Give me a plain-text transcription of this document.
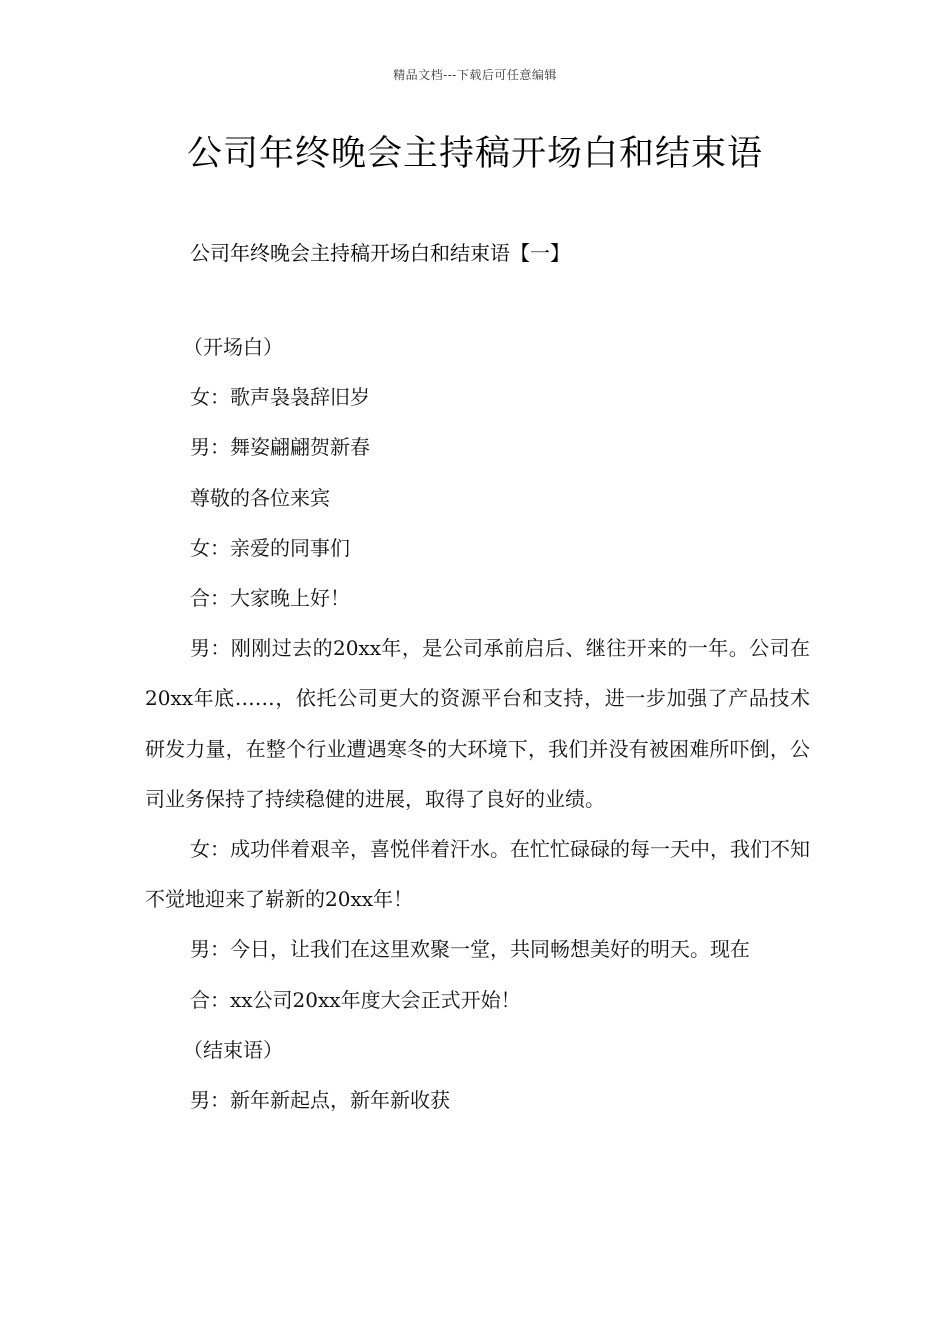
精品文档---下载后可任意编辑
公司年终晚会主持稿开场白和结束语
公司年终晚会主持稿开场白和结束语【一】
（开场白）
女：歌声袅袅辞旧岁
男：舞姿翩翩贺新春
尊敬的各位来宾
女：亲爱的同事们
合：大家晚上好！
男：刚刚过去的20xx年，是公司承前启后、继往开来的一年。公司在20xx年底……，依托公司更大的资源平台和支持，进一步加强了产品技术研发力量，在整个行业遭遇寒冬的大环境下，我们并没有被困难所吓倒，公司业务保持了持续稳健的进展，取得了良好的业绩。
女：成功伴着艰辛，喜悦伴着汗水。在忙忙碌碌的每一天中，我们不知不觉地迎来了崭新的20xx年！
男：今日，让我们在这里欢聚一堂，共同畅想美好的明天。现在
合：xx公司20xx年度大会正式开始！
（结束语）
男：新年新起点，新年新收获
